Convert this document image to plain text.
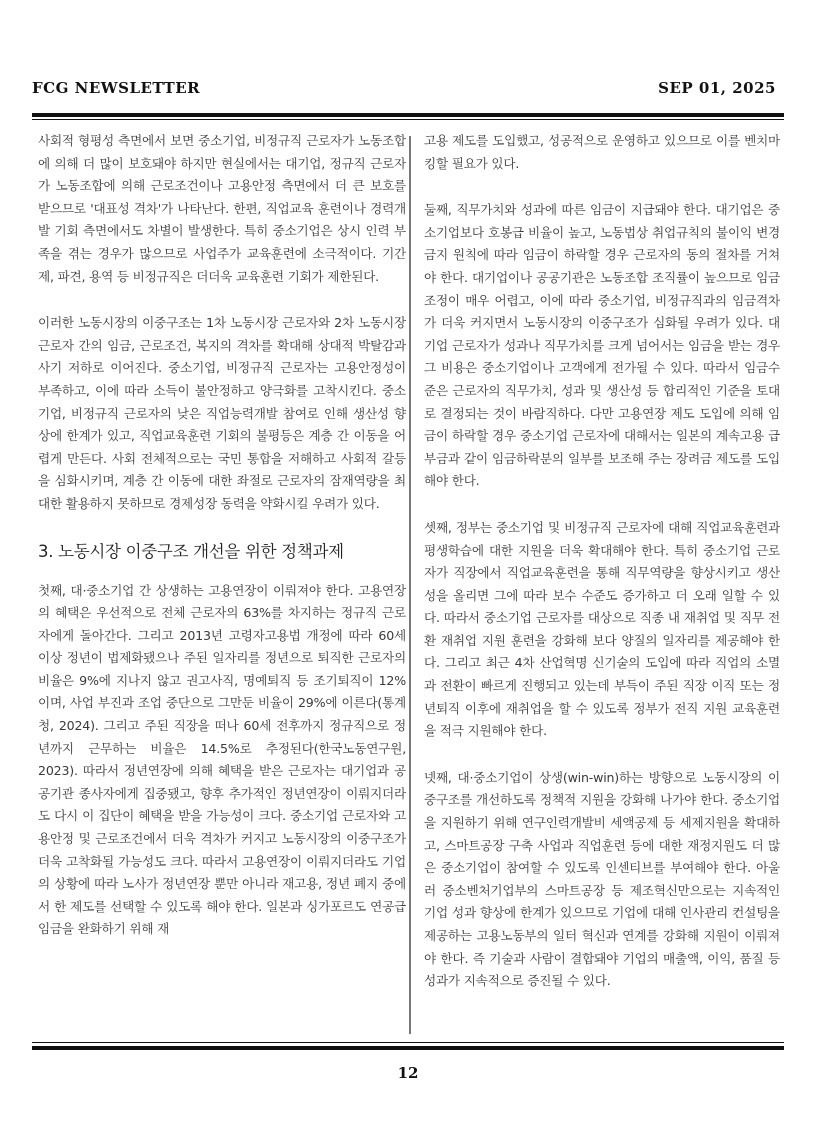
FCG NEWSLETTER	SEP 01, 2025

사회적 형평성 측면에서 보면 중소기업, 비정규직 근로자가 노동조합에 의해 더 많이 보호돼야 하지만 현실에서는 대기업, 정규직 근로자가 노동조합에 의해 근로조건이나 고용안정 측면에서 더 큰 보호를 받으므로 '대표성 격차'가 나타난다. 한편, 직업교육 훈련이나 경력개발 기회 측면에서도 차별이 발생한다. 특히 중소기업은 상시 인력 부족을 겪는 경우가 많으므로 사업주가 교육훈련에 소극적이다. 기간제, 파견, 용역 등 비정규직은 더더욱 교육훈련 기회가 제한된다.

이러한 노동시장의 이중구조는 1차 노동시장 근로자와 2차 노동시장 근로자 간의 임금, 근로조건, 복지의 격차를 확대해 상대적 박탈감과 사기 저하로 이어진다. 중소기업, 비정규직 근로자는 고용안정성이 부족하고, 이에 따라 소득이 불안정하고 양극화를 고착시킨다. 중소기업, 비정규직 근로자의 낮은 직업능력개발 참여로 인해 생산성 향상에 한계가 있고, 직업교육훈련 기회의 불평등은 계층 간 이동을 어렵게 만든다. 사회 전체적으로는 국민 통합을 저해하고 사회적 갈등을 심화시키며, 계층 간 이동에 대한 좌절로 근로자의 잠재역량을 최대한 활용하지 못하므로 경제성장 동력을 약화시킬 우려가 있다.

3. 노동시장 이중구조 개선을 위한 정책과제

첫째, 대·중소기업 간 상생하는 고용연장이 이뤄져야 한다. 고용연장의 혜택은 우선적으로 전체 근로자의 63%를 차지하는 정규직 근로자에게 돌아간다. 그리고 2013년 고령자고용법 개정에 따라 60세 이상 정년이 법제화됐으나 주된 일자리를 정년으로 퇴직한 근로자의 비율은 9%에 지나지 않고 권고사직, 명예퇴직 등 조기퇴직이 12%이며, 사업 부진과 조업 중단으로 그만둔 비율이 29%에 이른다(통계청, 2024). 그리고 주된 직장을 떠나 60세 전후까지 정규직으로 정년까지 근무하는 비율은 14.5%로 추정된다(한국노동연구원, 2023). 따라서 정년연장에 의해 혜택을 받은 근로자는 대기업과 공공기관 종사자에게 집중됐고, 향후 추가적인 정년연장이 이뤄지더라도 다시 이 집단이 혜택을 받을 가능성이 크다. 중소기업 근로자와 고용안정 및 근로조건에서 더욱 격차가 커지고 노동시장의 이중구조가 더욱 고착화될 가능성도 크다. 따라서 고용연장이 이뤄지더라도 기업의 상황에 따라 노사가 정년연장 뿐만 아니라 재고용, 정년 폐지 중에서 한 제도를 선택할 수 있도록 해야 한다. 일본과 싱가포르도 연공급 임금을 완화하기 위해 재

고용 제도를 도입했고, 성공적으로 운영하고 있으므로 이를 벤치마킹할 필요가 있다.

둘째, 직무가치와 성과에 따른 임금이 지급돼야 한다. 대기업은 중소기업보다 호봉급 비율이 높고, 노동법상 취업규칙의 불이익 변경 금지 원칙에 따라 임금이 하락할 경우 근로자의 동의 절차를 거쳐야 한다. 대기업이나 공공기관은 노동조합 조직률이 높으므로 임금 조정이 매우 어렵고, 이에 따라 중소기업, 비정규직과의 임금격차가 더욱 커지면서 노동시장의 이중구조가 심화될 우려가 있다. 대기업 근로자가 성과나 직무가치를 크게 넘어서는 임금을 받는 경우 그 비용은 중소기업이나 고객에게 전가될 수 있다. 따라서 임금수준은 근로자의 직무가치, 성과 및 생산성 등 합리적인 기준을 토대로 결정되는 것이 바람직하다. 다만 고용연장 제도 도입에 의해 임금이 하락할 경우 중소기업 근로자에 대해서는 일본의 계속고용 급부금과 같이 임금하락분의 일부를 보조해 주는 장려금 제도를 도입해야 한다.

셋째, 정부는 중소기업 및 비정규직 근로자에 대해 직업교육훈련과 평생학습에 대한 지원을 더욱 확대해야 한다. 특히 중소기업 근로자가 직장에서 직업교육훈련을 통해 직무역량을 향상시키고 생산성을 올리면 그에 따라 보수 수준도 증가하고 더 오래 일할 수 있다. 따라서 중소기업 근로자를 대상으로 직종 내 재취업 및 직무 전환 재취업 지원 훈련을 강화해 보다 양질의 일자리를 제공해야 한다. 그리고 최근 4차 산업혁명 신기술의 도입에 따라 직업의 소멸과 전환이 빠르게 진행되고 있는데 부득이 주된 직장 이직 또는 정년퇴직 이후에 재취업을 할 수 있도록 정부가 전직 지원 교육훈련을 적극 지원해야 한다.

넷째, 대·중소기업이 상생(win-win)하는 방향으로 노동시장의 이중구조를 개선하도록 정책적 지원을 강화해 나가야 한다. 중소기업을 지원하기 위해 연구인력개발비 세액공제 등 세제지원을 확대하고, 스마트공장 구축 사업과 직업훈련 등에 대한 재정지원도 더 많은 중소기업이 참여할 수 있도록 인센티브를 부여해야 한다. 아울러 중소벤처기업부의 스마트공장 등 제조혁신만으로는 지속적인 기업 성과 향상에 한계가 있으므로 기업에 대해 인사관리 컨설팅을 제공하는 고용노동부의 일터 혁신과 연계를 강화해 지원이 이뤄져야 한다. 즉 기술과 사람이 결합돼야 기업의 매출액, 이익, 품질 등 성과가 지속적으로 증진될 수 있다.

12
